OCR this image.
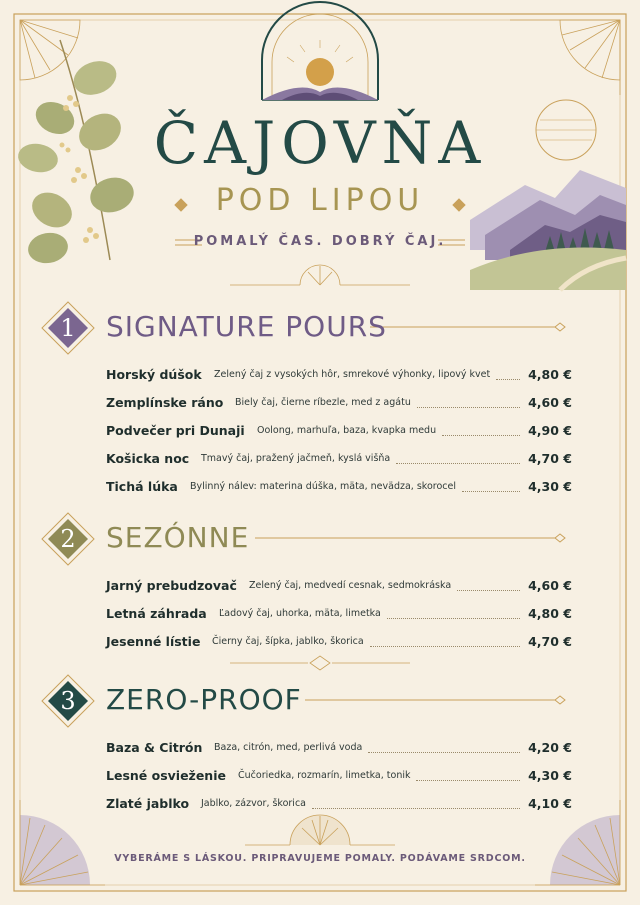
ČAJOVŇA
POD LIPOU
POMALÝ ČAS. DOBRÝ ČAJ.
1	SIGNATURE POURS
Horský dúšok Zelený čaj z vysokých hôr, smrekové výhonky, lipový kvet	4,80 €
Zemplínske ráno Biely čaj, čierne ríbezle, med z agátu	4,60 €
Podvečer pri Dunaji Oolong, marhuľa, baza, kvapka medu	4,90 €
Košicka noc Tmavý čaj, pražený jačmeň, kyslá višňa	4,70 €
Tichá lúka Bylinný nálev: materina dúška, mäta, nevädza, skorocel	4,30 €
2	SEZÓNNE
Jarný prebudzovač Zelený čaj, medvedí cesnak, sedmokráska	4,60 €
Letná záhrada Ľadový čaj, uhorka, mäta, limetka	4,80 €
Jesenné lístie Čierny čaj, šípka, jablko, škorica	4,70 €
3	ZERO-PROOF
Baza & Citrón Baza, citrón, med, perlivá voda	4,20 €
Lesné osvieženie Čučoriedka, rozmarín, limetka, tonik	4,30 €
Zlaté jablko Jablko, zázvor, škorica	4,10 €
VYBERÁME S LÁSKOU. PRIPRAVUJEME POMALY. PODÁVAME SRDCOM.
